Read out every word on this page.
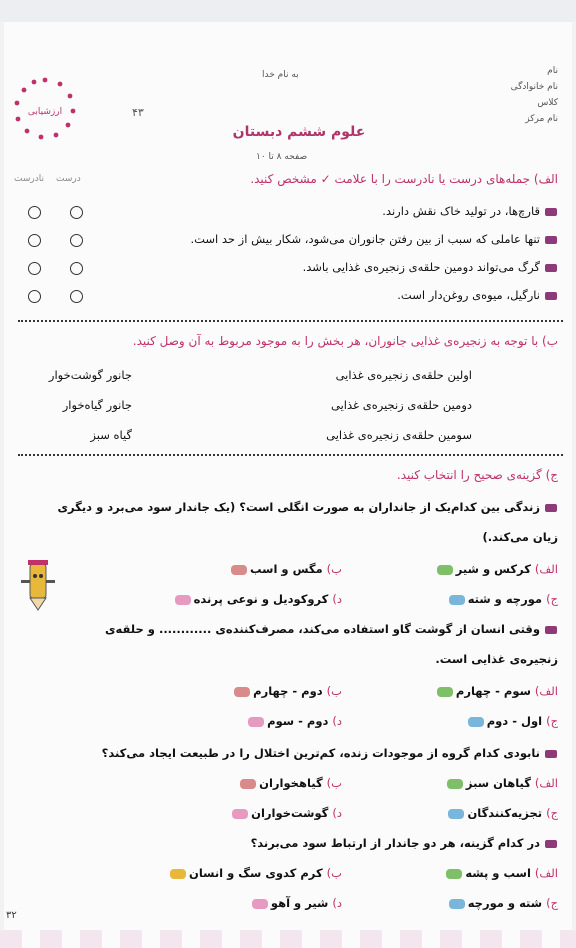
ارزشیابی	۴۳
نام
نام خانوادگی
کلاس
نام مرکز
به نام خدا
علوم ششم دبستان
صفحه ۸ تا ۱۰
الف) جمله‌های درست یا نادرست را با علامت ✓ مشخص کنید.
درست
نادرست
قارچ‌ها، در تولید خاک نقش دارند.
تنها عاملی که سبب از بین رفتن جانوران می‌شود، شکار بیش از حد است.
گرگ می‌تواند دومین حلقه‌ی زنجیره‌ی غذایی باشد.
نارگیل، میوه‌ی روغن‌دار است.
ب) با توجه به زنجیره‌ی غذایی جانوران، هر بخش را به موجود مربوط به آن وصل کنید.
اولین حلقه‌ی زنجیره‌ی غذایی
دومین حلقه‌ی زنجیره‌ی غذایی
سومین حلقه‌ی زنجیره‌ی غذایی
جانور گوشت‌خوار
جانور گیاه‌خوار
گیاه سبز
ج) گزینه‌ی صحیح را انتخاب کنید.
زندگی بین کدام‌یک از جانداران به صورت انگلی است؟ (یک جاندار سود می‌برد و دیگری
زیان می‌کند.)
الف) کرکس و شیر
ب) مگس و اسب
ج) مورچه و شته
د) کروکودیل و نوعی پرنده
وقتی انسان از گوشت گاو استفاده می‌کند، مصرف‌کننده‌ی ............ و حلقه‌ی
زنجیره‌ی غذایی است.
الف) سوم - چهارم
ب) دوم - چهارم
ج) اول - دوم
د) دوم - سوم
نابودی کدام گروه از موجودات زنده، کم‌ترین اختلال را در طبیعت ایجاد می‌کند؟
الف) گیاهان سبز
ب) گیاهخواران
ج) تجزیه‌کنندگان
د) گوشت‌خواران
در کدام گزینه، هر دو جاندار از ارتباط سود می‌برند؟
الف) اسب و پشه
ب) کرم کدوی سگ و انسان
ج) شته و مورچه
د) شیر و آهو
۳۲
